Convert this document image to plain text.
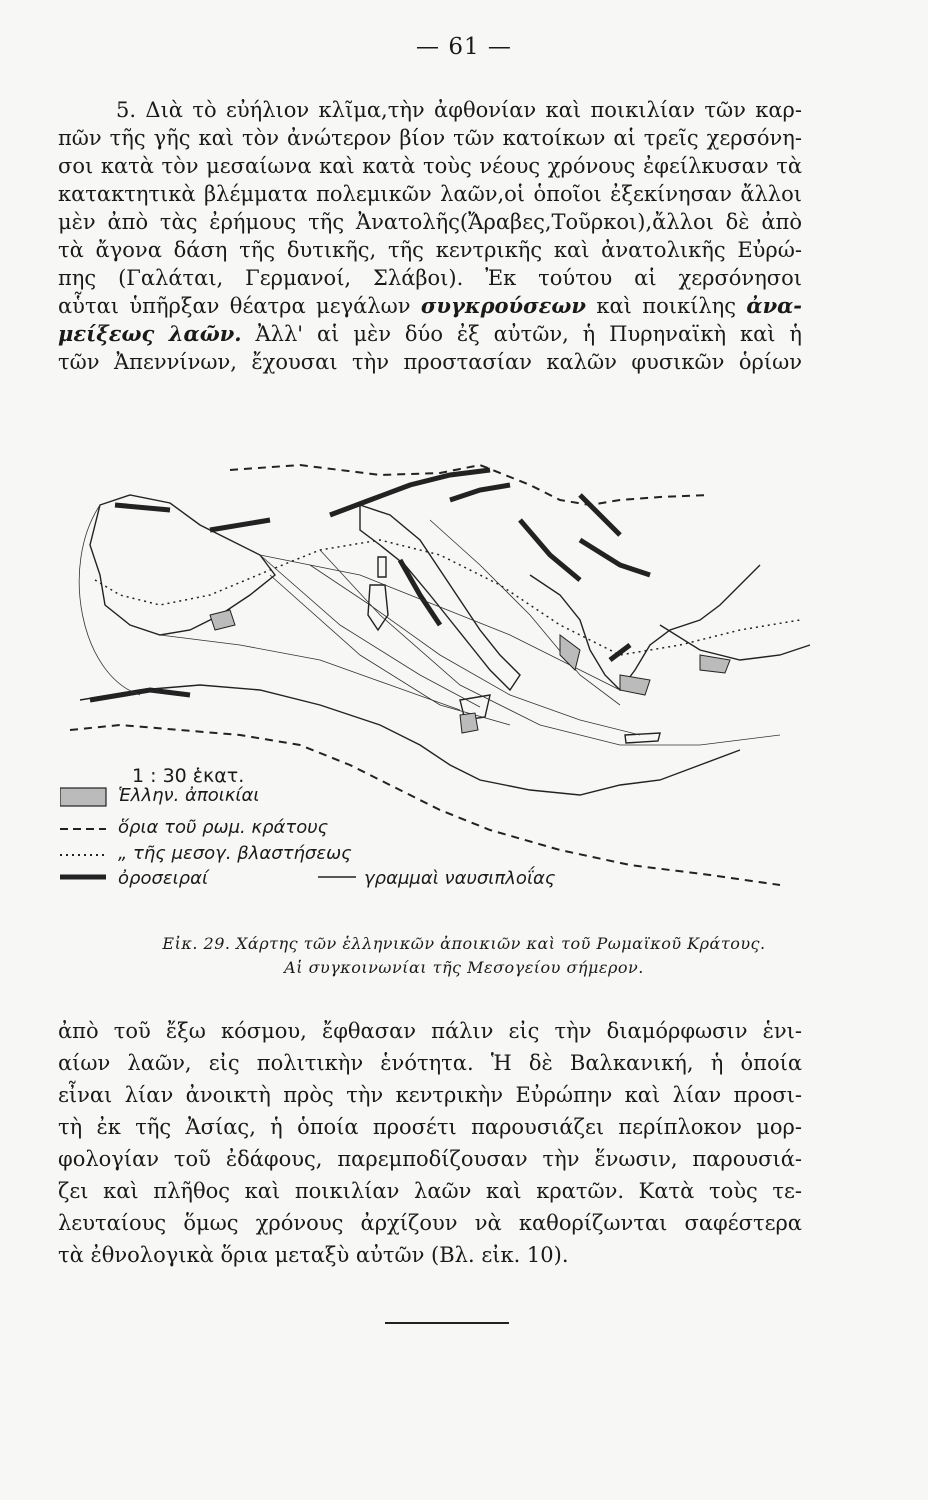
— 61 —
5. Διὰ τὸ εὐήλιον κλῖμα,τὴν ἀφθονίαν καὶ ποικιλίαν τῶν καρ-
πῶν τῆς γῆς καὶ τὸν ἀνώτερον βίον τῶν κατοίκων αἱ τρεῖς χερσόνη-
σοι κατὰ τὸν μεσαίωνα καὶ κατὰ τοὺς νέους χρόνους ἐφείλκυσαν τὰ
κατακτητικὰ βλέμματα πολεμικῶν λαῶν,οἱ ὁποῖοι ἐξεκίνησαν ἄλλοι
μὲν ἀπὸ τὰς ἐρήμους τῆς Ἀνατολῆς(Ἄραβες,Τοῦρκοι),ἄλλοι δὲ ἀπὸ
τὰ ἄγονα δάση τῆς δυτικῆς, τῆς κεντρικῆς καὶ ἀνατολικῆς Εὐρώ-
πης (Γαλάται, Γερμανοί, Σλάβοι). Ἐκ τούτου αἱ χερσόνησοι
αὗται ὑπῆρξαν θέατρα μεγάλων συγκρούσεων καὶ ποικίλης ἀνα-
μείξεως λαῶν. Ἀλλ' αἱ μὲν δύο ἐξ αὐτῶν, ἡ Πυρηναϊκὴ καὶ ἡ
τῶν Ἀπεννίνων, ἔχουσαι τὴν προστασίαν καλῶν φυσικῶν ὁρίων
1 : 30 ἑκατ.
Ἑλλην. ἀποικίαι
ὅρια τοῦ ρωμ. κράτους
„ τῆς μεσογ. βλαστήσεως
ὀροσειραί	γραμμαὶ ναυσιπλοΐας
Εἰκ. 29. Χάρτης τῶν ἑλληνικῶν ἀποικιῶν καὶ τοῦ Ρωμαϊκοῦ Κράτους.
Αἱ συγκοινωνίαι τῆς Μεσογείου σήμερον.
ἀπὸ τοῦ ἔξω κόσμου, ἔφθασαν πάλιν εἰς τὴν διαμόρφωσιν ἑνι-
αίων λαῶν, εἰς πολιτικὴν ἑνότητα. Ἡ δὲ Βαλκανική, ἡ ὁποία
εἶναι λίαν ἀνοικτὴ πρὸς τὴν κεντρικὴν Εὐρώπην καὶ λίαν προσι-
τὴ ἐκ τῆς Ἀσίας, ἡ ὁποία προσέτι παρουσιάζει περίπλοκον μορ-
φολογίαν τοῦ ἐδάφους, παρεμποδίζουσαν τὴν ἕνωσιν, παρουσιά-
ζει καὶ πλῆθος καὶ ποικιλίαν λαῶν καὶ κρατῶν. Κατὰ τοὺς τε-
λευταίους ὅμως χρόνους ἀρχίζουν νὰ καθορίζωνται σαφέστερα
τὰ ἐθνολογικὰ ὅρια μεταξὺ αὐτῶν (Βλ. εἰκ. 10).
